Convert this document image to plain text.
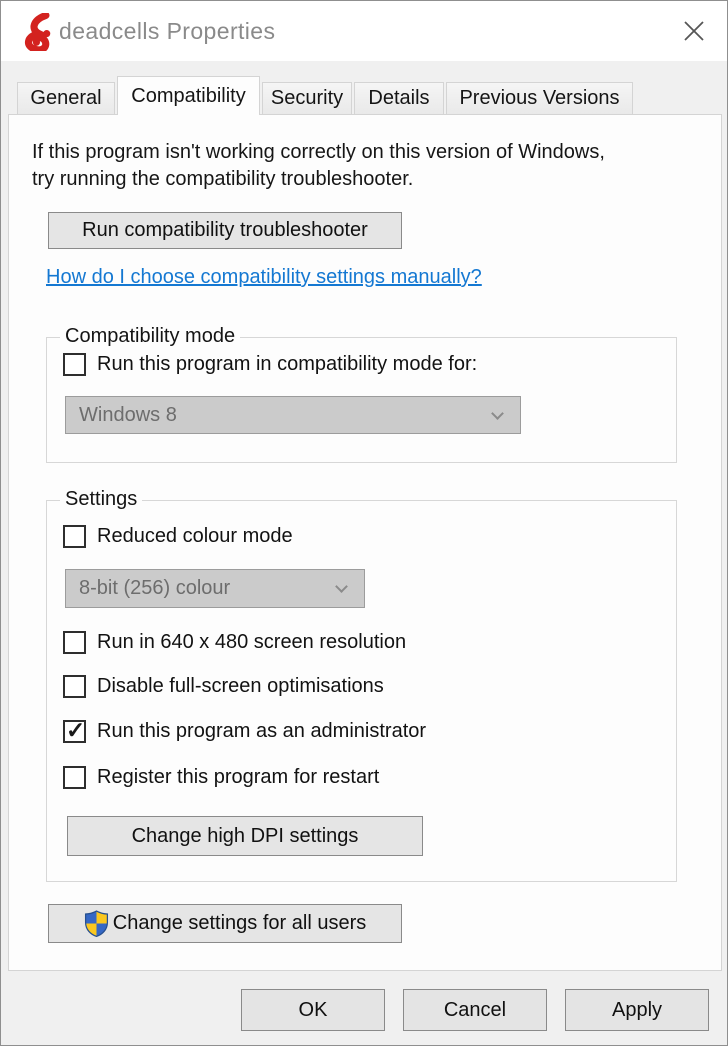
deadcells Properties
General Compatibility Security Details Previous Versions
If this program isn't working correctly on this version of Windows,
try running the compatibility troubleshooter.
Run compatibility troubleshooter
How do I choose compatibility settings manually?
Compatibility mode
Run this program in compatibility mode for:
Windows 8
Settings
Reduced colour mode
8-bit (256) colour
Run in 640 x 480 screen resolution
Disable full-screen optimisations
✓ Run this program as an administrator
Register this program for restart
Change high DPI settings
Change settings for all users
OK	Cancel	Apply
